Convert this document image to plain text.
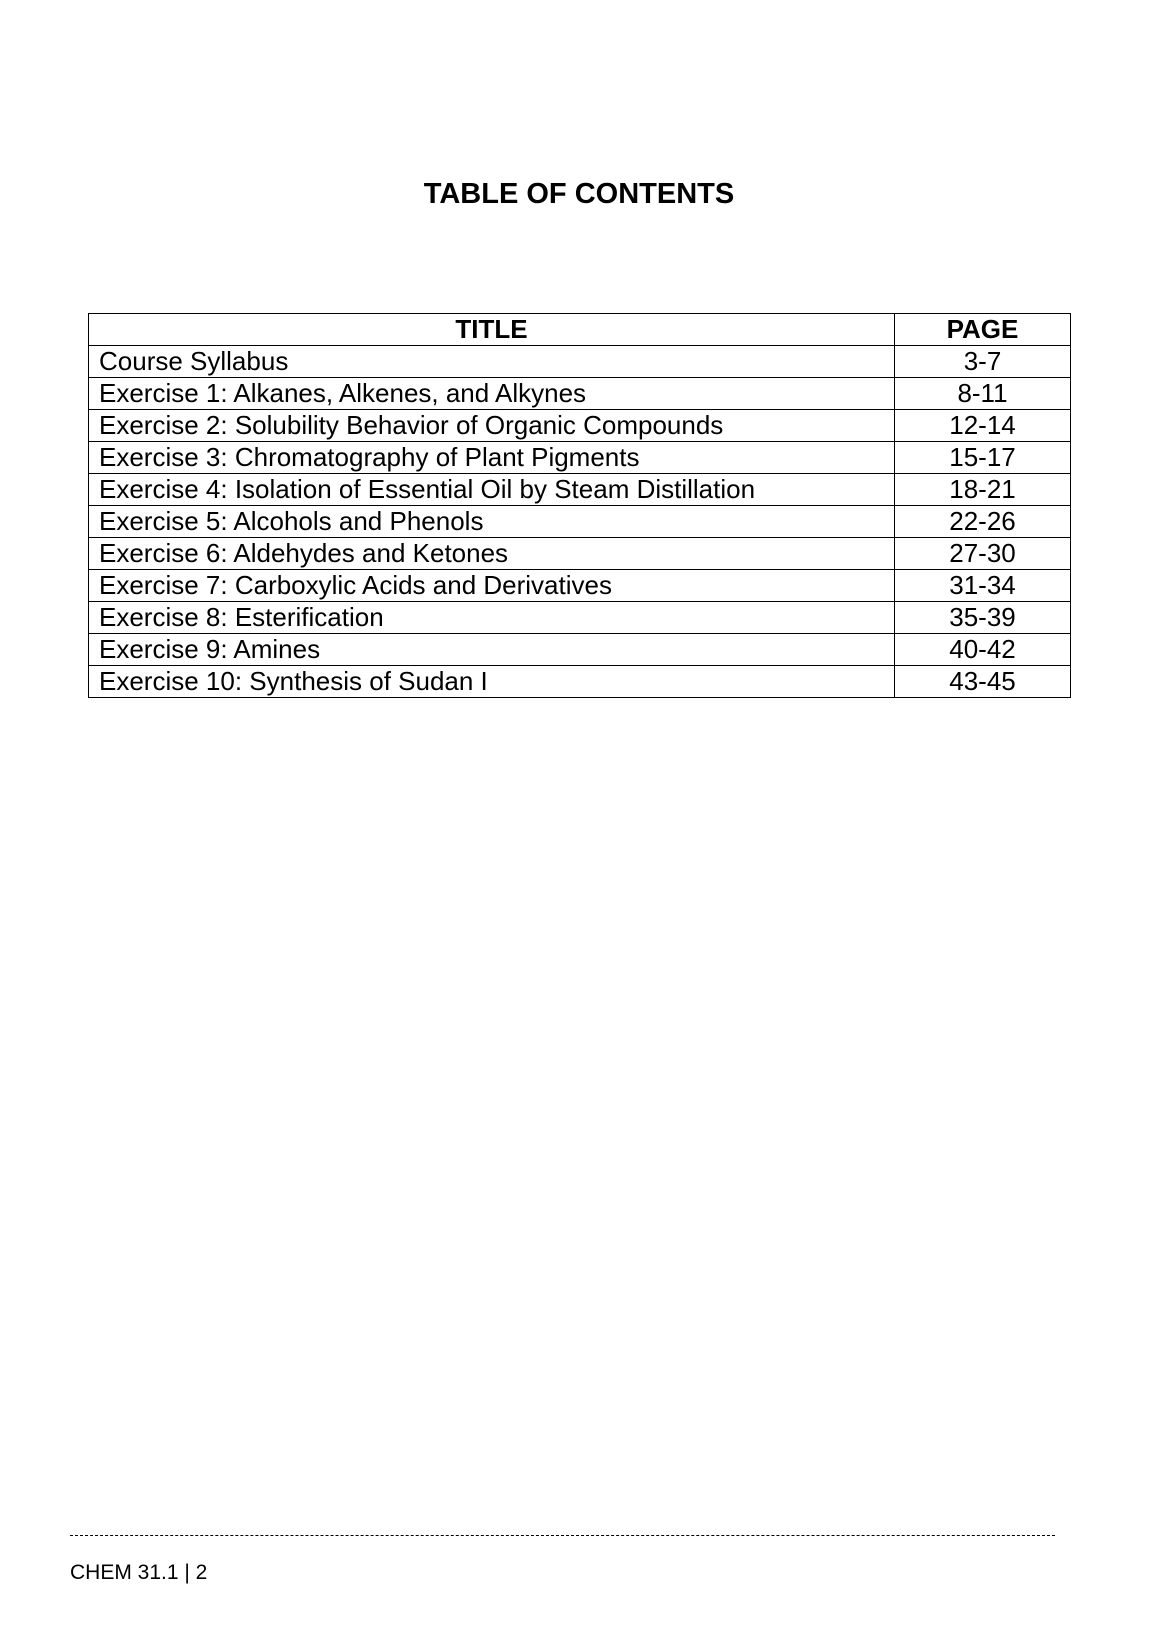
TABLE OF CONTENTS
TITLE	PAGE
Course Syllabus	3-7
Exercise 1: Alkanes, Alkenes, and Alkynes	8-11
Exercise 2: Solubility Behavior of Organic Compounds	12-14
Exercise 3: Chromatography of Plant Pigments	15-17
Exercise 4: Isolation of Essential Oil by Steam Distillation	18-21
Exercise 5: Alcohols and Phenols	22-26
Exercise 6: Aldehydes and Ketones	27-30
Exercise 7: Carboxylic Acids and Derivatives	31-34
Exercise 8: Esterification	35-39
Exercise 9: Amines	40-42
Exercise 10: Synthesis of Sudan I	43-45
CHEM 31.1 | 2
